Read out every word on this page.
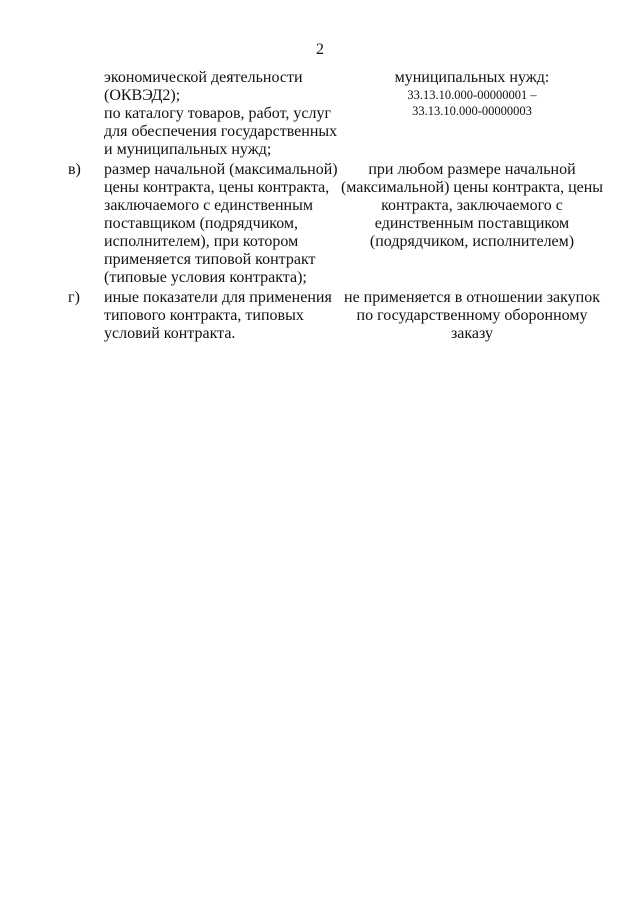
2
экономической деятельности
(ОКВЭД2);
по каталогу товаров, работ, услуг
для обеспечения государственных
и муниципальных нужд;
муниципальных нужд:
33.13.10.000-00000001 –
33.13.10.000-00000003
в) размер начальной (максимальной)
цены контракта, цены контракта,
заключаемого с единственным
поставщиком (подрядчиком,
исполнителем), при котором
применяется типовой контракт
(типовые условия контракта);
при любом размере начальной
(максимальной) цены контракта, цены
контракта, заключаемого с
единственным поставщиком
(подрядчиком, исполнителем)
г) иные показатели для применения
типового контракта, типовых
условий контракта.
не применяется в отношении закупок
по государственному оборонному
заказу
